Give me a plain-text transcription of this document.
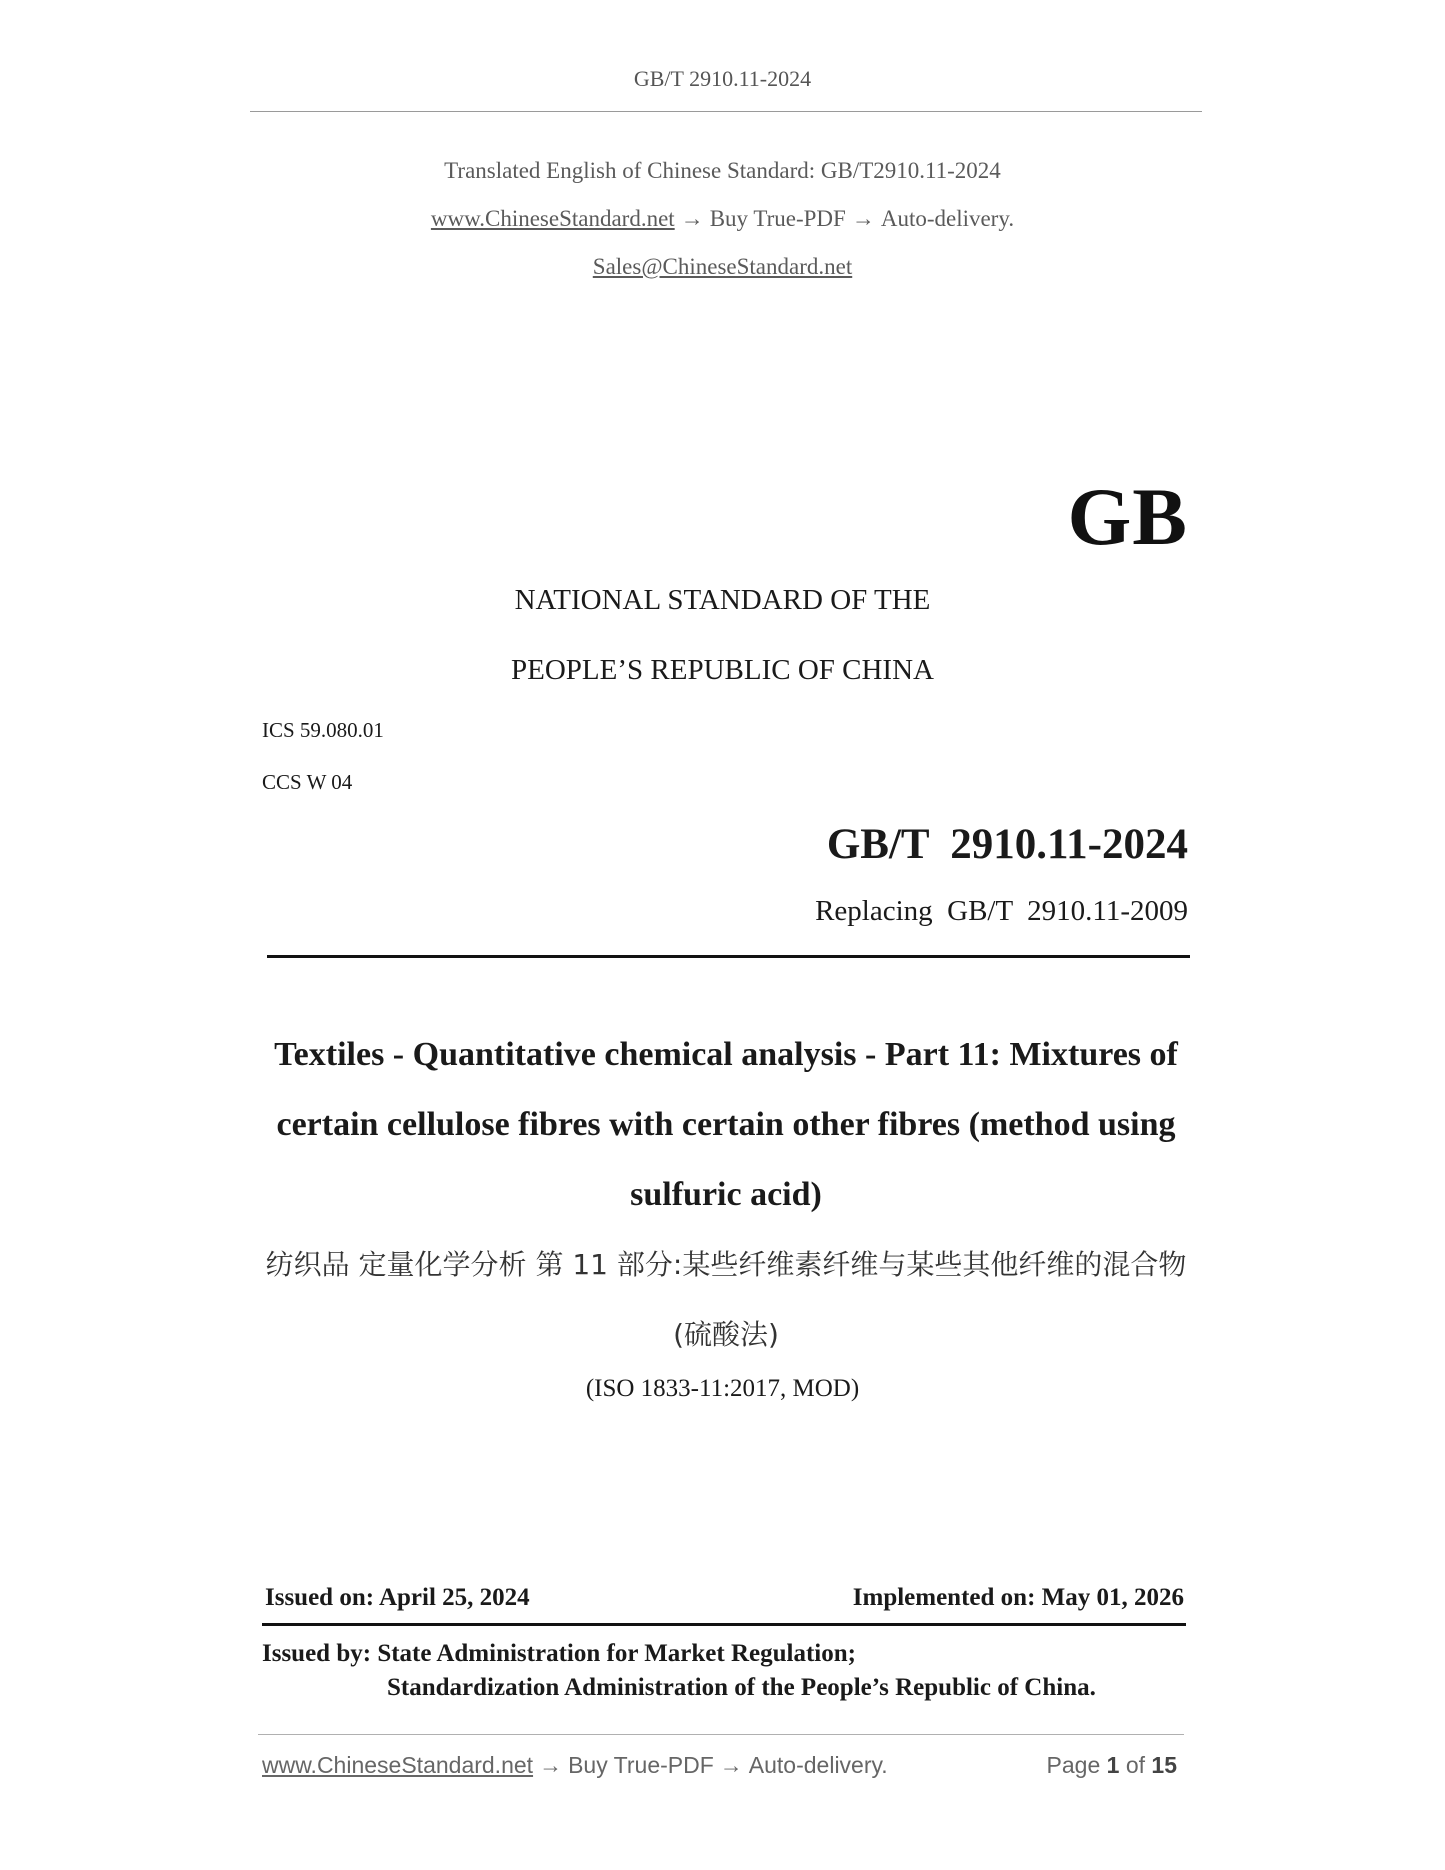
GB/T 2910.11-2024
Translated English of Chinese Standard: GB/T2910.11-2024
www.ChineseStandard.net → Buy True-PDF → Auto-delivery.
Sales@ChineseStandard.net
GB
NATIONAL STANDARD OF THE
PEOPLE’S REPUBLIC OF CHINA
ICS 59.080.01
CCS W 04
GB/T  2910.11-2024
Replacing  GB/T  2910.11-2009
Textiles - Quantitative chemical analysis - Part 11: Mixtures of certain cellulose fibres with certain other fibres (method using sulfuric acid)
纺织品 定量化学分析 第 11 部分:某些纤维素纤维与某些其他纤维的混合物(硫酸法)
(ISO 1833-11:2017, MOD)
Issued on: April 25, 2024	Implemented on: May 01, 2026
Issued by: State Administration for Market Regulation;
Standardization Administration of the People’s Republic of China.
www.ChineseStandard.net → Buy True-PDF → Auto-delivery.	Page 1 of 15
